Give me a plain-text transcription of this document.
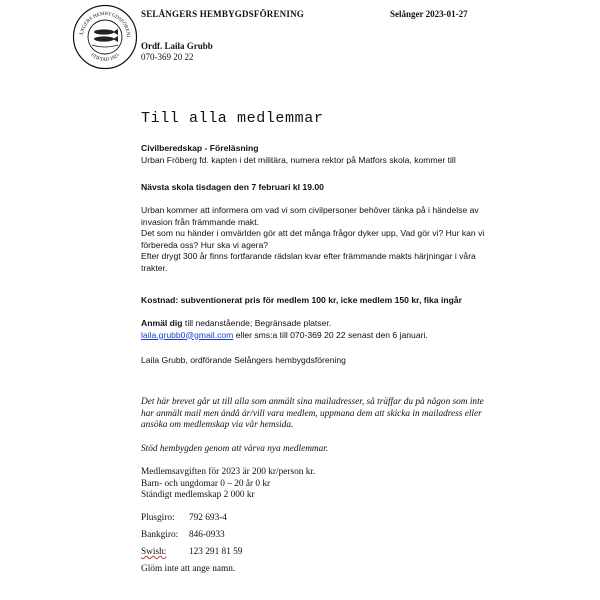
ÅNGERS HEMBYGDSFÖRENI
STIFTAD 1921
SELÅNGERS HEMBYGDSFÖRENING	Selånger 2023-01-27
Ordf. Laila Grubb
070-369 20 22
Till alla medlemmar
Civilberedskap - Föreläsning
Urban Fröberg fd. kapten i det militära, numera rektor på Matfors skola, kommer till
Nävsta skola tisdagen den 7 februari kl 19.00
Urban kommer att informera om vad vi som civilpersoner behöver tänka på i händelse av
invasion från främmande makt.
Det som nu händer i omvärlden gör att det många frågor dyker upp, Vad gör vi? Hur kan vi
förbereda oss? Hur ska vi agera?
Efter drygt 300 år finns fortfarande rädslan kvar efter främmande makts härjningar i våra
trakter.
Kostnad: subventionerat pris för medlem 100 kr, icke medlem 150 kr, fika ingår
Anmäl dig till nedanstående; Begränsade platser.
laila.grubb0@gmail.com eller sms:a till 070-369 20 22 senast den 6 januari.
Laila Grubb, ordförande Selångers hembygdsförening
Det här brevet går ut till alla som anmält sina mailadresser, så träffar du på någon som inte
har anmält mail men ändå är/vill vara medlem, uppmana dem att skicka in mailadress eller
ansöka om medlemskap via vår hemsida.
Stöd hembygden genom att värva nya medlemmar.
Medlemsavgiften för 2023 är 200 kr/person kr.
Barn- och ungdomar 0 – 20 år 0 kr
Ständigt medlemskap 2 000 kr
Plusgiro: 792 693-4
Bankgiro: 846-0933
Swish: 123 291 81 59
Glöm inte att ange namn.
